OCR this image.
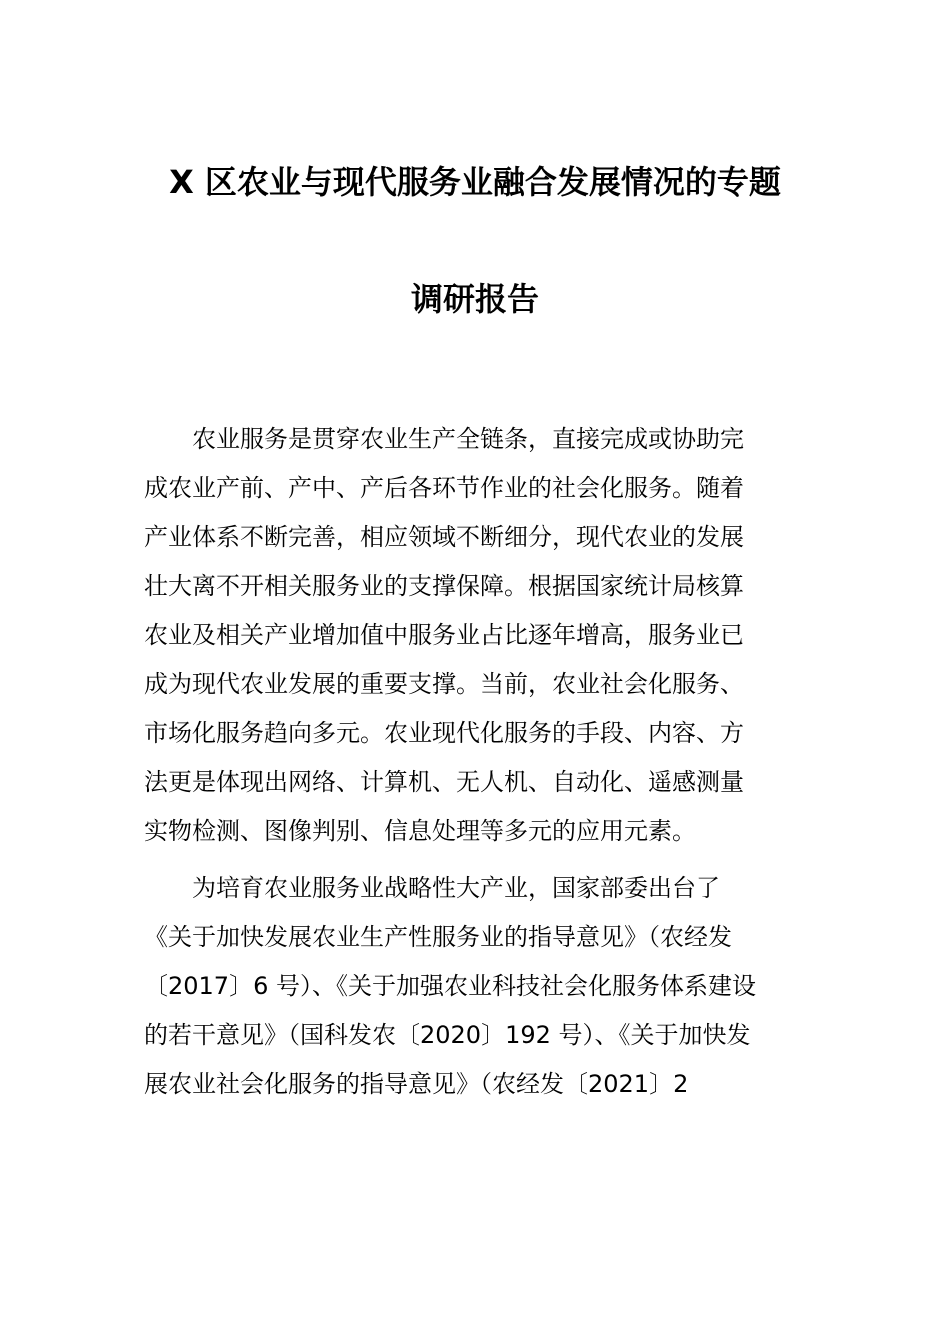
X 区农业与现代服务业融合发展情况的专题
调研报告
　　农业服务是贯穿农业生产全链条，直接完成或协助完
成农业产前、产中、产后各环节作业的社会化服务。随着
产业体系不断完善，相应领域不断细分，现代农业的发展
壮大离不开相关服务业的支撑保障。根据国家统计局核算
农业及相关产业增加值中服务业占比逐年增高，服务业已
成为现代农业发展的重要支撑。当前，农业社会化服务、
市场化服务趋向多元。农业现代化服务的手段、内容、方
法更是体现出网络、计算机、无人机、自动化、遥感测量
实物检测、图像判别、信息处理等多元的应用元素。
　　为培育农业服务业战略性大产业，国家部委出台了
《关于加快发展农业生产性服务业的指导意见》（农经发
〔2017〕6 号）、《关于加强农业科技社会化服务体系建设
的若干意见》（国科发农〔2020〕192 号）、《关于加快发
展农业社会化服务的指导意见》（农经发〔2021〕2
